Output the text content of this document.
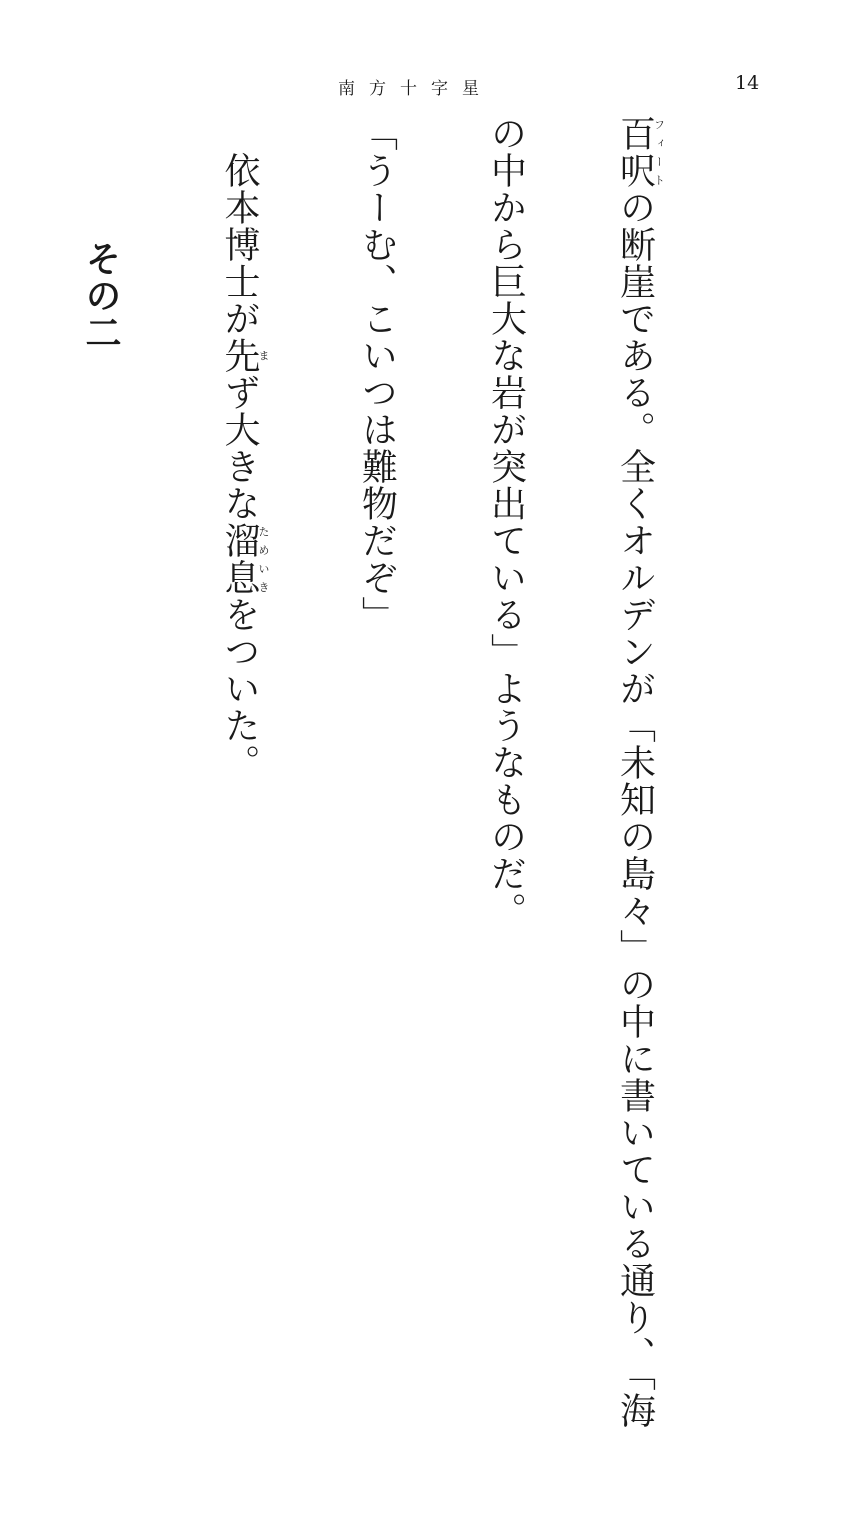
南方十字星	14

百呎フィートの断崖である。全くオルデンが「未知の島々」の中に書いている通り、「海

の中から巨大な岩が突出ている」ようなものだ。

「うーむ、こいつは難物だぞ」

　依本博士が先まず大きな溜息ためいきをついた。

その二
